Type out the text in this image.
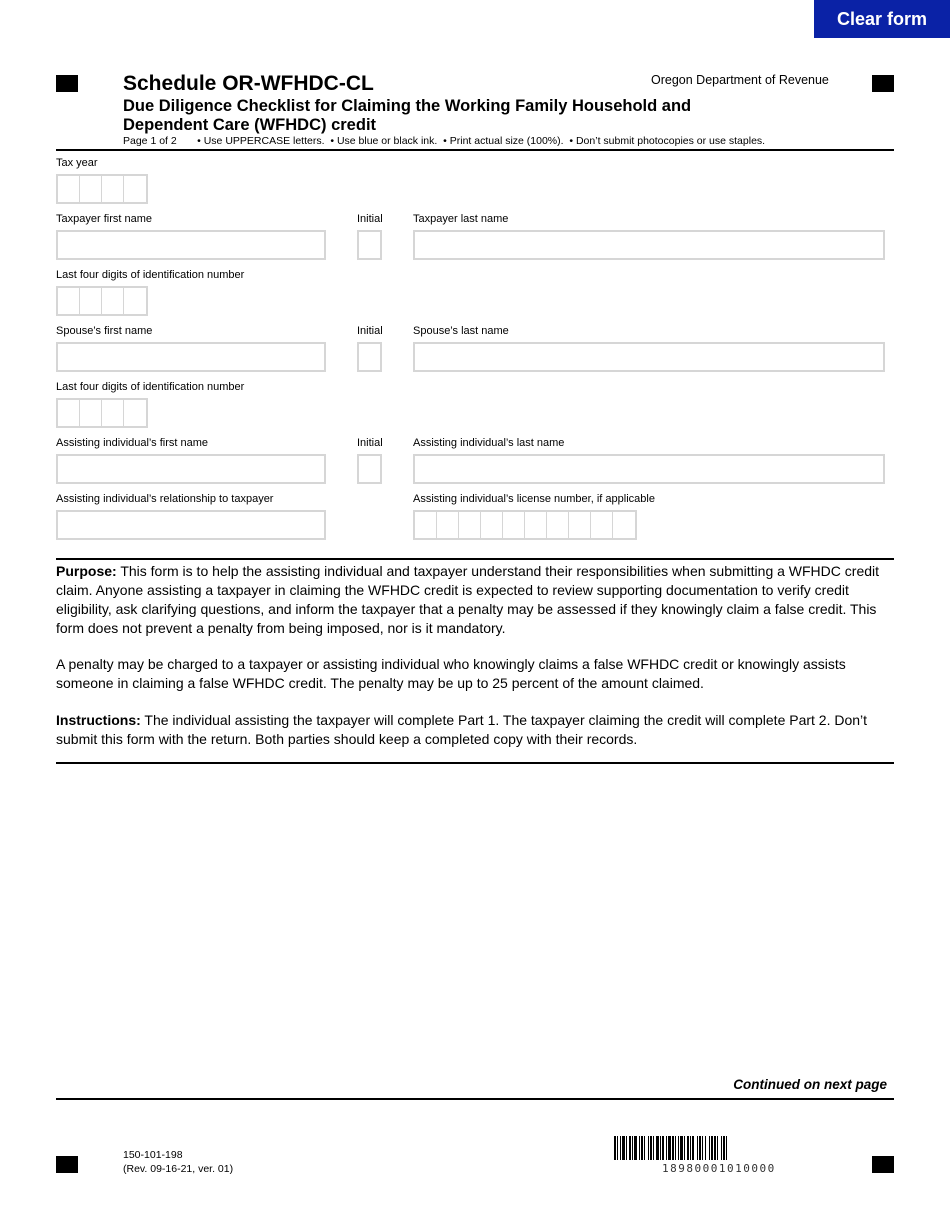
Clear form
Schedule OR-WFHDC-CL
Due Diligence Checklist for Claiming the Working Family Household and Dependent Care (WFHDC) credit
Oregon Department of Revenue
Page 1 of 2       • Use UPPERCASE letters.  • Use blue or black ink.  • Print actual size (100%).  • Don’t submit photocopies or use staples.
Tax year
Taxpayer first name	Initial	Taxpayer last name
Last four digits of identification number
Spouse’s first name	Initial	Spouse’s last name
Last four digits of identification number
Assisting individual’s first name	Initial	Assisting individual’s last name
Assisting individual’s relationship to taxpayer	Assisting individual’s license number, if applicable
Purpose: This form is to help the assisting individual and taxpayer understand their responsibilities when submitting a WFHDC credit claim. Anyone assisting a taxpayer in claiming the WFHDC credit is expected to review supporting documentation to verify credit eligibility, ask clarifying questions, and inform the taxpayer that a penalty may be assessed if they knowingly claim a false credit. This form does not prevent a penalty from being imposed, nor is it mandatory.
A penalty may be charged to a taxpayer or assisting individual who knowingly claims a false WFHDC credit or knowingly assists someone in claiming a false WFHDC credit. The penalty may be up to 25 percent of the amount claimed.
Instructions: The individual assisting the taxpayer will complete Part 1. The taxpayer claiming the credit will complete Part 2. Don’t submit this form with the return. Both parties should keep a completed copy with their records.
Continued on next page
150-101-198
(Rev. 09-16-21, ver. 01)	18980001010000
